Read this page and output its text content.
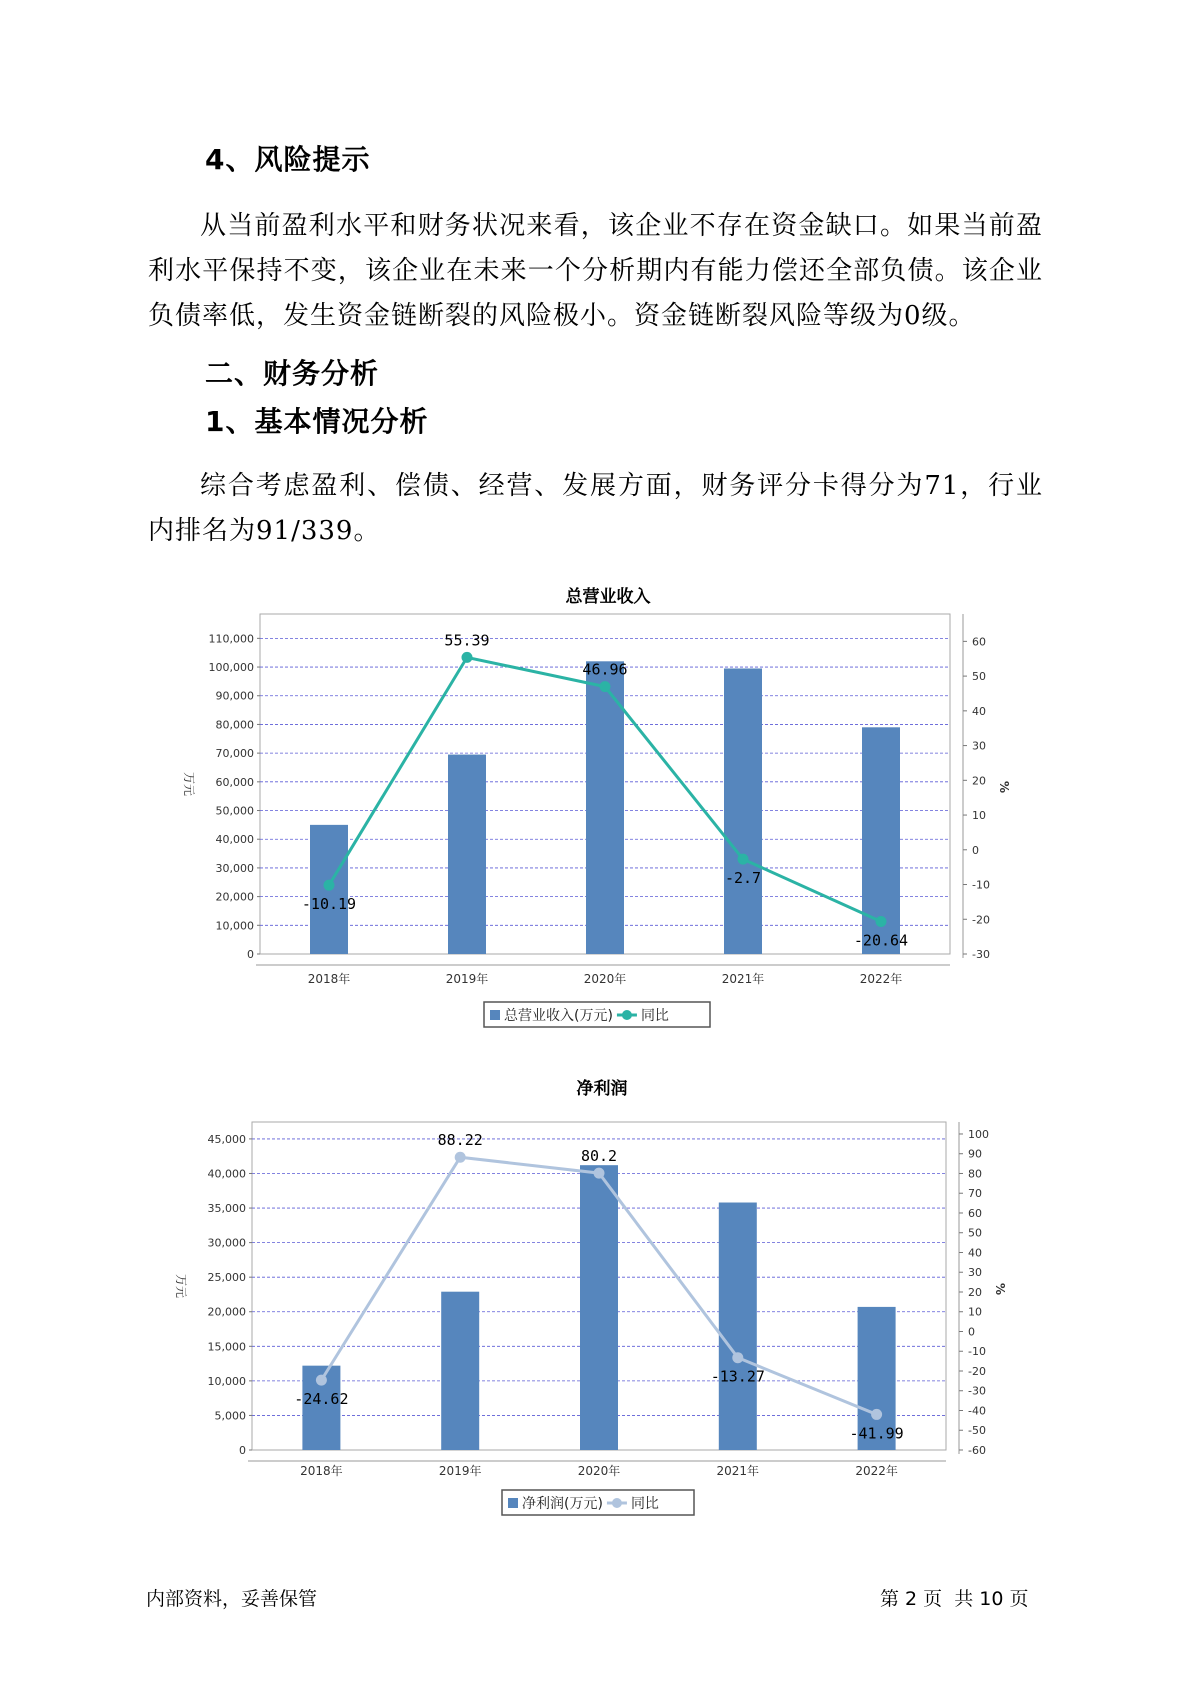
4、风险提示

从当前盈利水平和财务状况来看，该企业不存在资金缺口。如果当前盈利水平保持不变，该企业在未来一个分析期内有能力偿还全部负债。该企业负债率低，发生资金链断裂的风险极小。资金链断裂风险等级为0级。

二、财务分析
1、基本情况分析

综合考虑盈利、偿债、经营、发展方面，财务评分卡得分为71，行业内排名为91/339。

总营业收入
0
10,000
20,000
30,000
40,000
50,000
60,000
70,000
80,000
90,000
100,000
110,000
-30
-20
-10
0
10
20
30
40
50
60
万元	%
2018年	2019年	2020年	2021年	2022年
-10.19
55.39
46.96
-2.7
-20.64
总营业收入(万元) 同比
净利润
0
5,000
10,000
15,000
20,000
25,000
30,000
35,000
40,000
45,000
-60
-50
-40
-30
-20
-10
0
10
20
30
40
50
60
70
80
90
100
万元	%
2018年	2019年	2020年	2021年	2022年
-24.62
88.22
80.2
-13.27
-41.99
净利润(万元) 同比
内部资料，妥善保管	第 2 页  共 10 页
